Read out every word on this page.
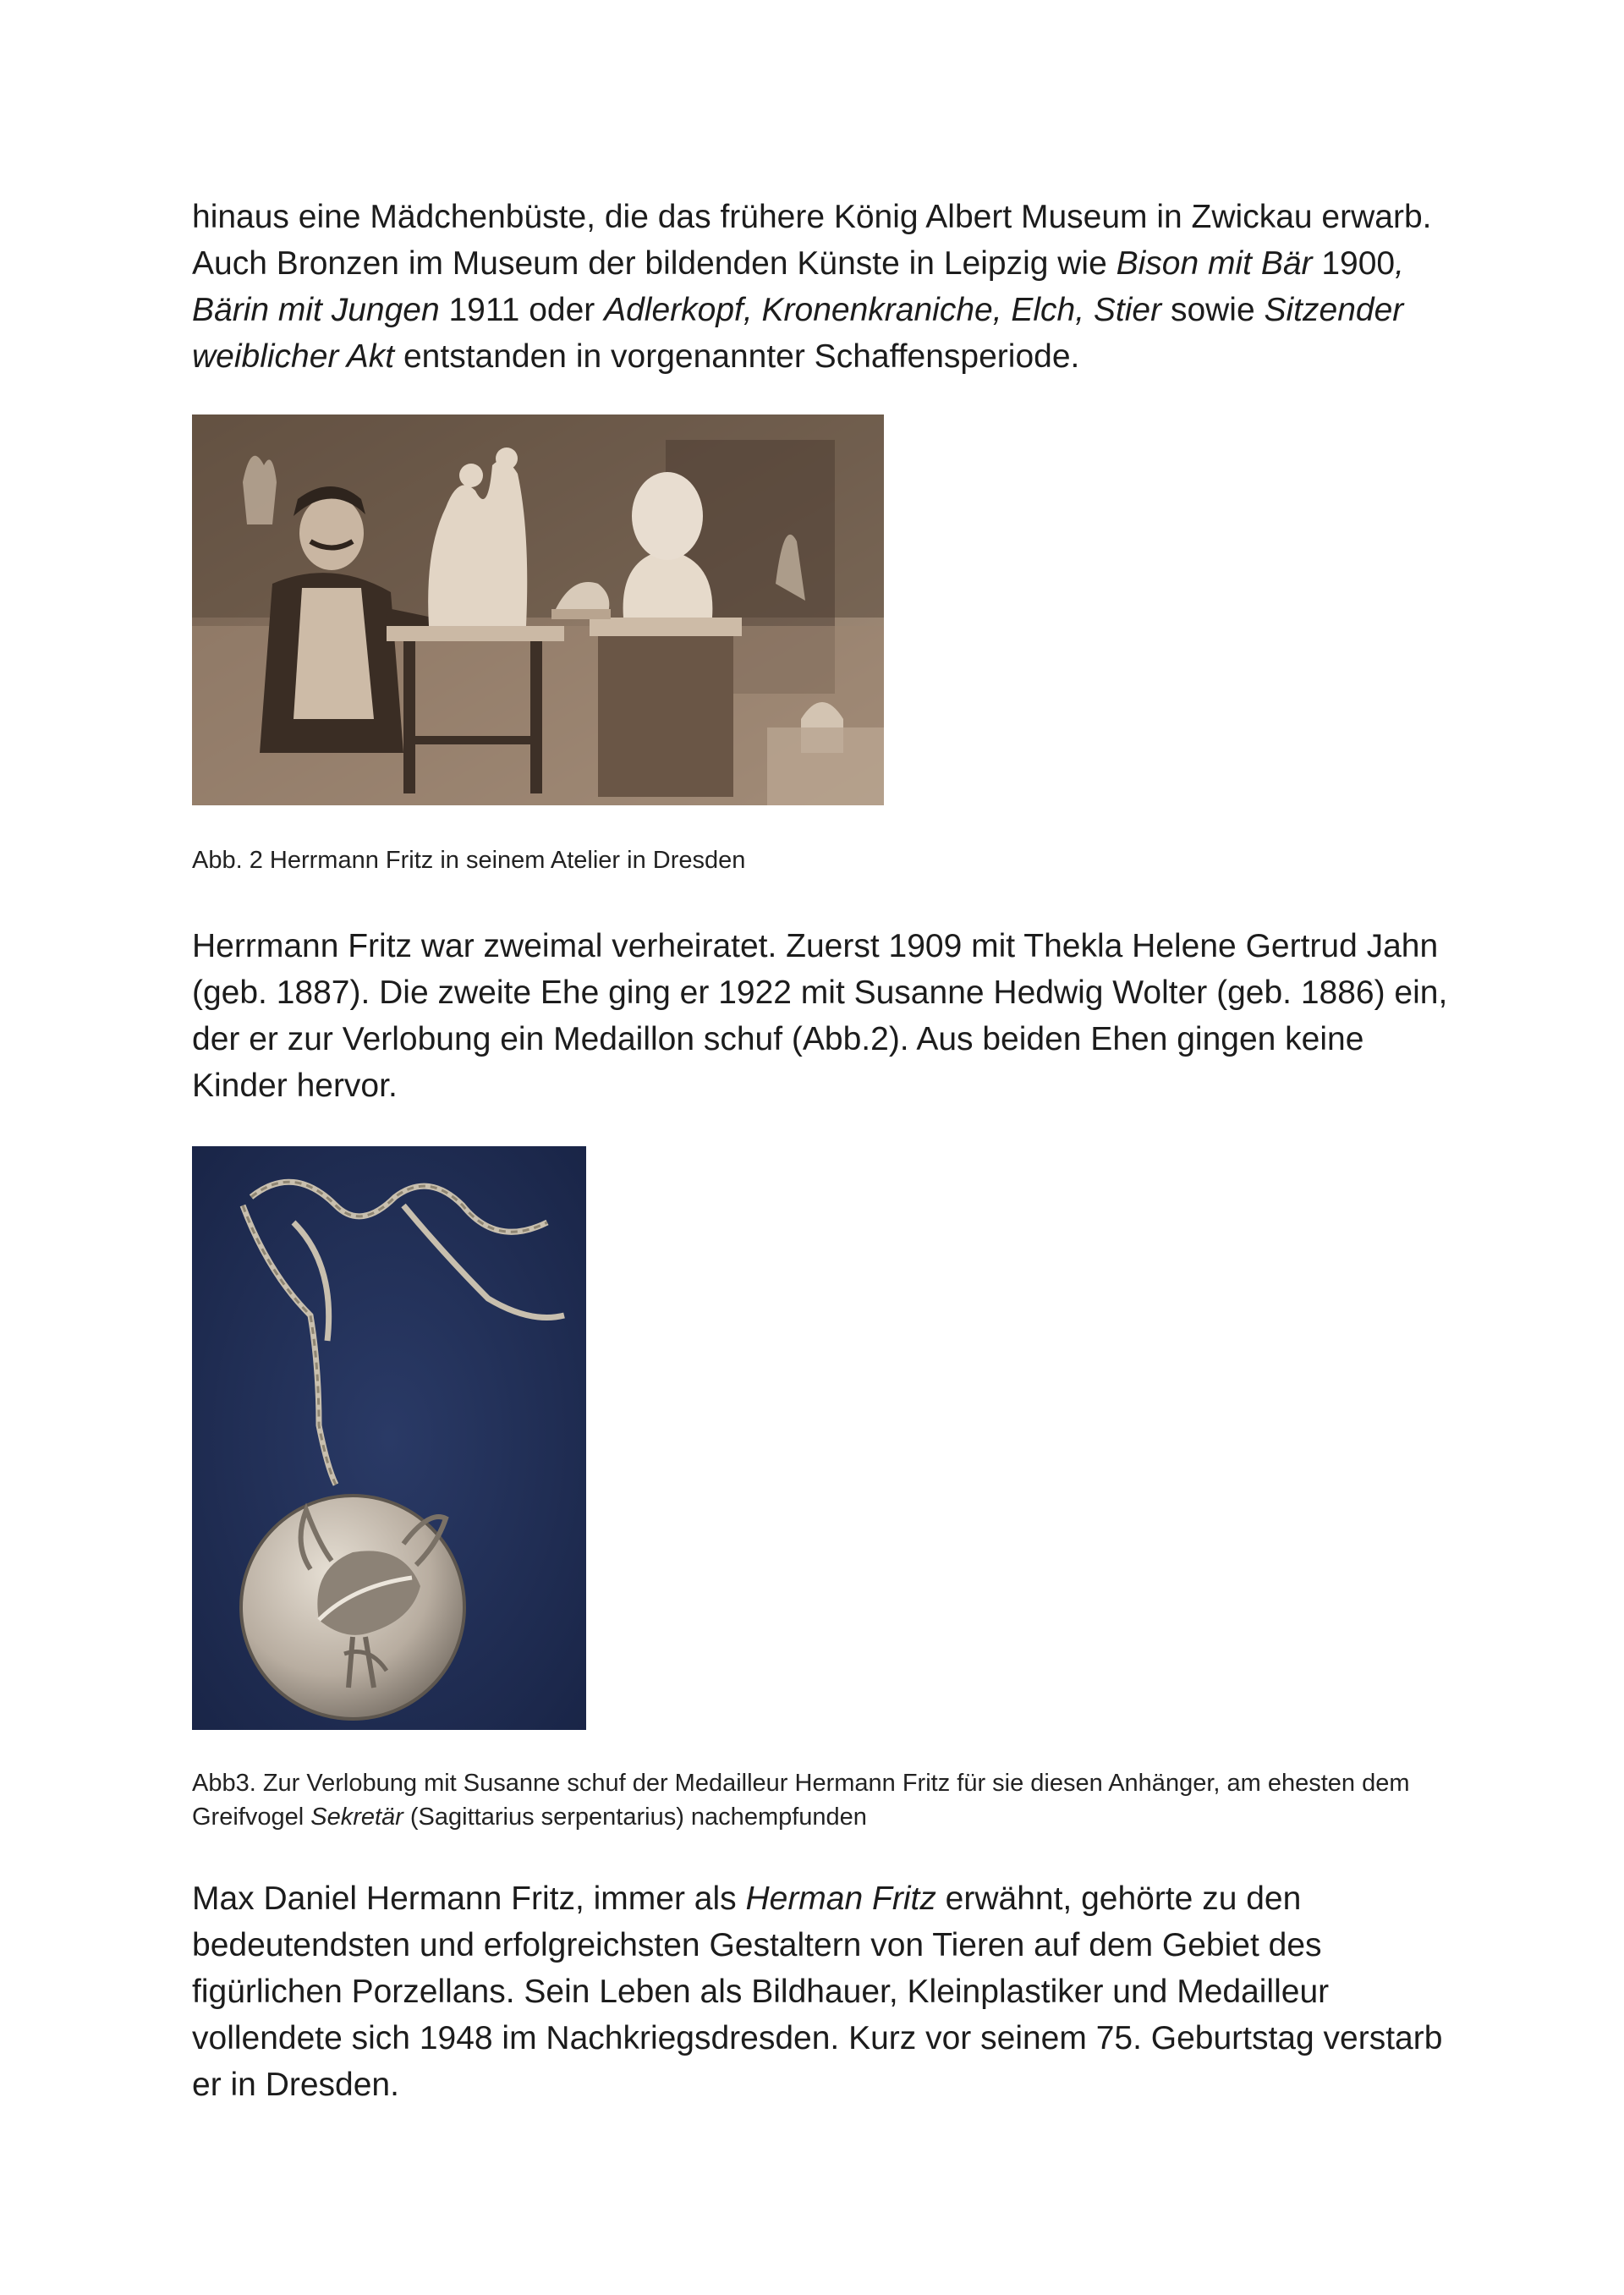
hinaus eine Mädchenbüste, die das frühere König Albert Museum in Zwickau erwarb. Auch Bronzen im Museum der bildenden Künste in Leipzig wie Bison mit Bär 1900, Bärin mit Jungen 1911 oder Adlerkopf, Kronenkraniche, Elch, Stier sowie Sitzender weiblicher Akt entstanden in vorgenannter Schaffensperiode.

Abb. 2 Herrmann Fritz in seinem Atelier in Dresden

Herrmann Fritz war zweimal verheiratet. Zuerst 1909 mit Thekla Helene Gertrud Jahn (geb. 1887). Die zweite Ehe ging er 1922 mit Susanne Hedwig Wolter (geb. 1886) ein, der er zur Verlobung ein Medaillon schuf (Abb.2). Aus beiden Ehen gingen keine Kinder hervor.

Abb3. Zur Verlobung mit Susanne schuf der Medailleur Hermann Fritz für sie diesen Anhänger, am ehesten dem Greifvogel Sekretär (Sagittarius serpentarius) nachempfunden

Max Daniel Hermann Fritz, immer als Herman Fritz erwähnt, gehörte zu den bedeutendsten und erfolgreichsten Gestaltern von Tieren auf dem Gebiet des figürlichen Porzellans. Sein Leben als Bildhauer, Kleinplastiker und Medailleur vollendete sich 1948 im Nachkriegsdresden. Kurz vor seinem 75. Geburtstag verstarb er in Dresden.
